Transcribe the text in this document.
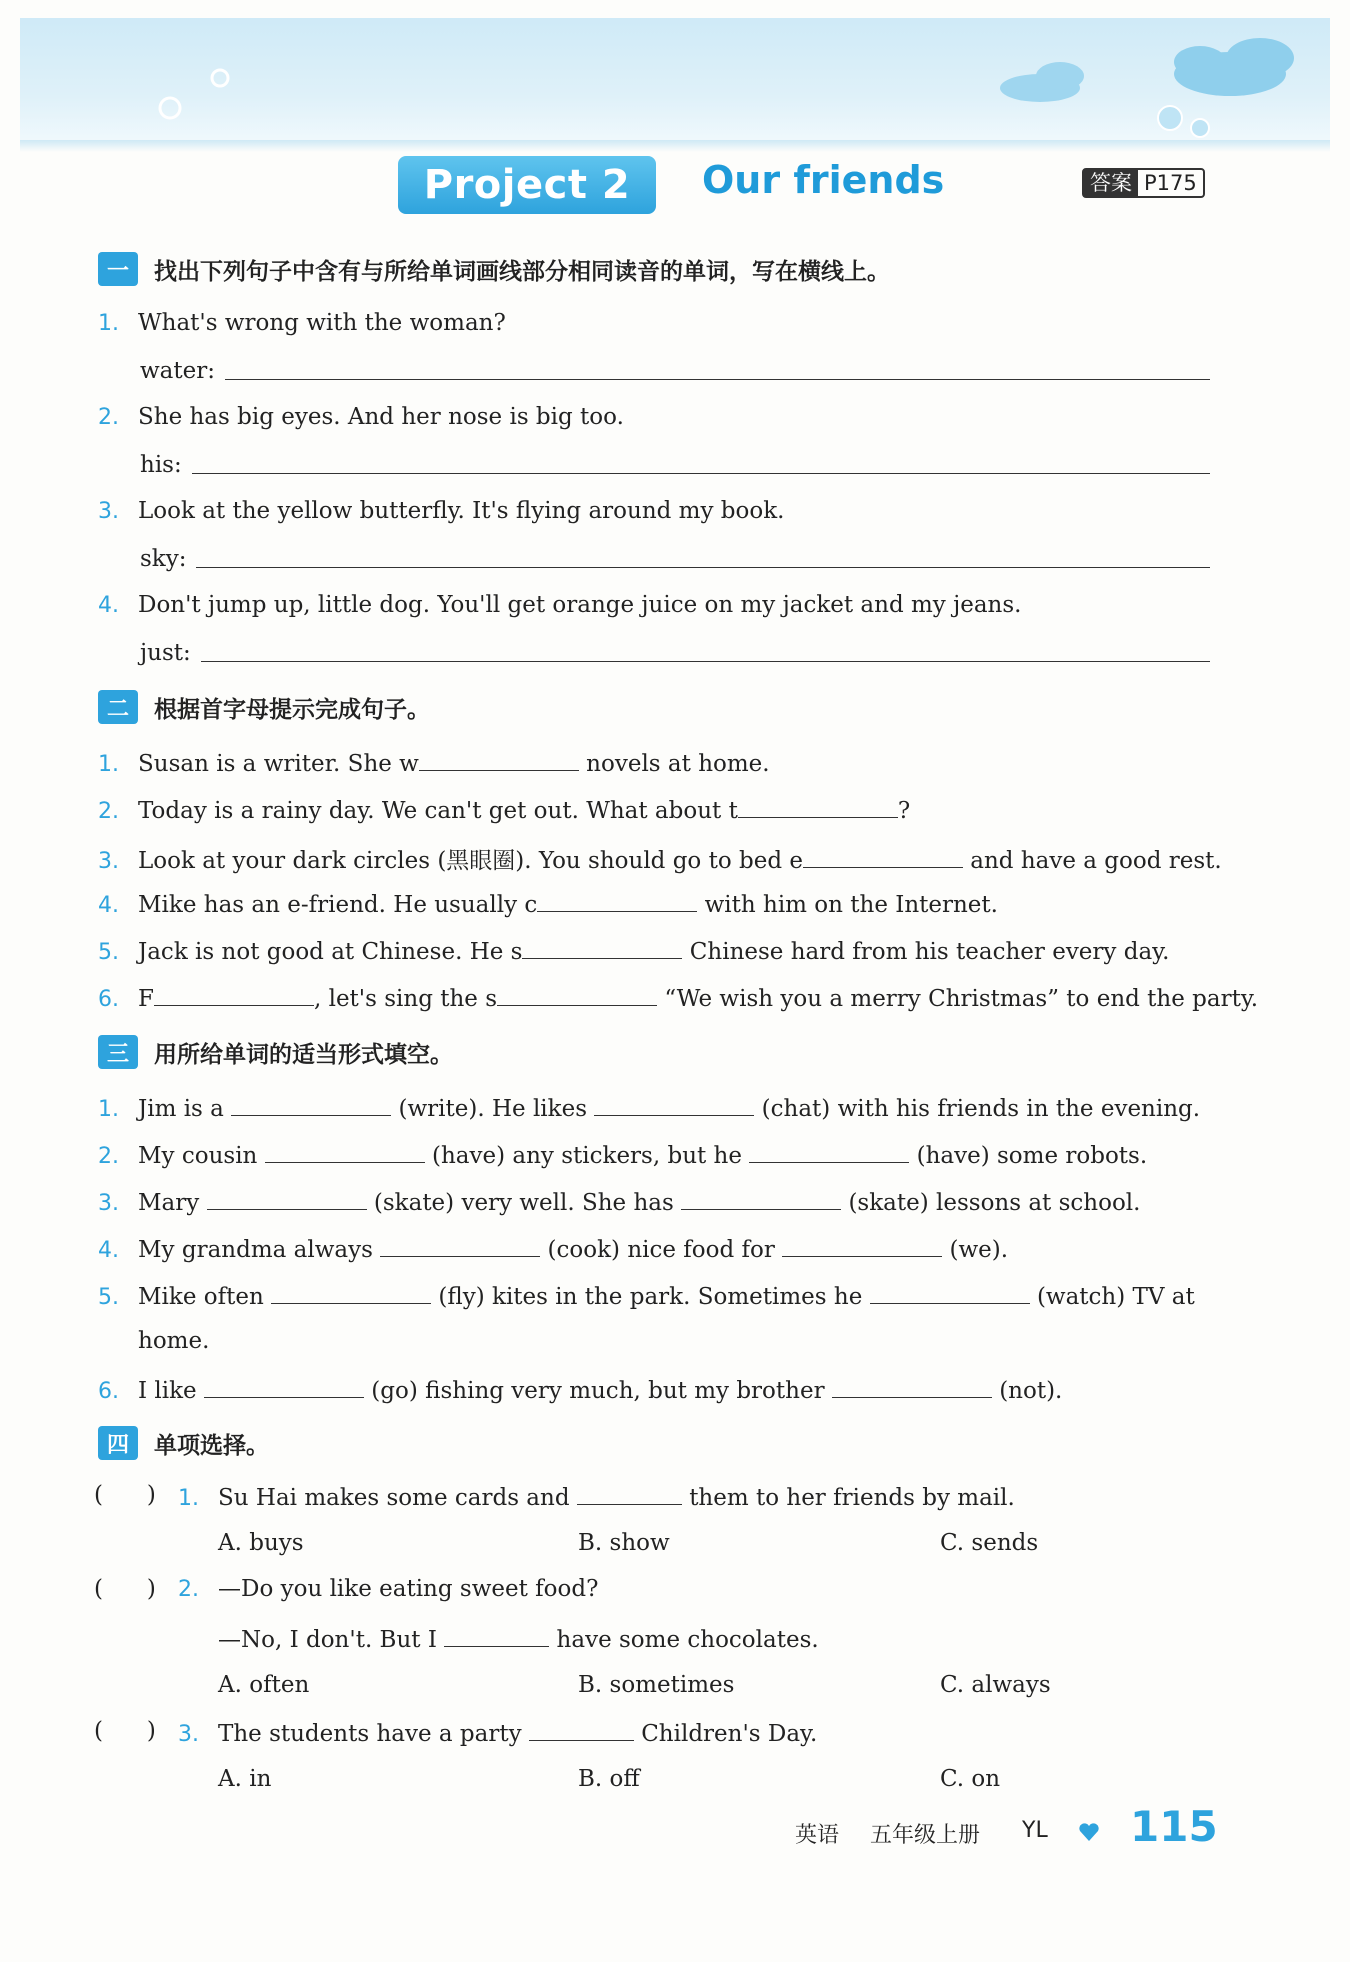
Project 2	Our friends	答案 P175
一	找出下列句子中含有与所给单词画线部分相同读音的单词，写在横线上。
1. What's wrong with the woman?
water:
2. She has big eyes. And her nose is big too.
his:
3. Look at the yellow butterfly. It's flying around my book.
sky:
4. Don't jump up, little dog. You'll get orange juice on my jacket and my jeans.
just:
二	根据首字母提示完成句子。
1. Susan is a writer. She w	novels at home.
2. Today is a rainy day. We can't get out. What about t	?
3. Look at your dark circles (黑眼圈). You should go to bed e	and have a good rest.
4. Mike has an e-friend. He usually c	with him on the Internet.
5. Jack is not good at Chinese. He s	Chinese hard from his teacher every day.
6. F	, let's sing the s	“We wish you a merry Christmas” to end the party.
三	用所给单词的适当形式填空。
1. Jim is a	(write). He likes	(chat) with his friends in the evening.
2. My cousin	(have) any stickers, but he	(have) some robots.
3. Mary	(skate) very well. She has	(skate) lessons at school.
4. My grandma always	(cook) nice food for	(we).
5. Mike often	(fly) kites in the park. Sometimes he	(watch) TV at
home.
6. I like	(go) fishing very much, but my brother	(not).
四	单项选择。
(      ) 1. Su Hai makes some cards and	them to her friends by mail.
A. buys	B. show	C. sends
(      ) 2. —Do you like eating sweet food?
—No, I don't. But I	have some chocolates.
A. often	B. sometimes	C. always
(      ) 3. The students have a party	Children's Day.
A. in	B. off	C. on
英语 五年级上册 YL 115
